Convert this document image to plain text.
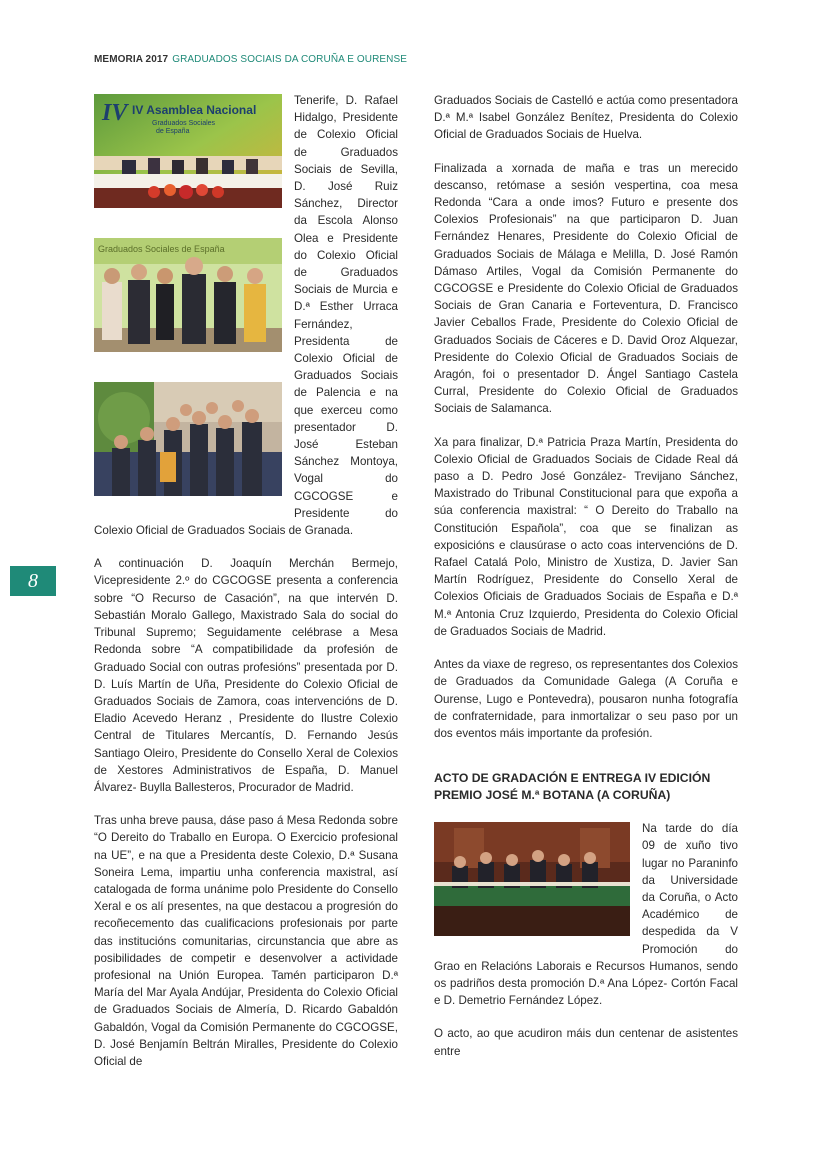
MEMORIA 2017 GRADUADOS SOCIAIS DA CORUÑA E OURENSE
8
IV IV Asamblea Nacional
Graduados Sociales
de España
Graduados Sociales de España

Tenerife, D. Rafael Hidalgo, Presidente de Colexio Oficial de Graduados Sociais de Sevilla, D. José Ruiz Sánchez, Director da Escola Alonso Olea e Presidente do Colexio Oficial de Graduados Sociais de Murcia e D.ª Esther Urraca Fernández, Presidenta de Colexio Oficial de Graduados Sociais de Palencia e na que exerceu como presentador D. José Esteban Sánchez Montoya, Vogal do CGCOGSE e Presidente do Colexio Oficial de Graduados Sociais de Granada.

A continuación D. Joaquín Merchán Bermejo, Vicepresidente 2.º do CGCOGSE presenta a conferencia sobre “O Recurso de Casación”, na que intervén D. Sebastián Moralo Gallego, Maxistrado Sala do social do Tribunal Supremo; Seguidamente celébrase a Mesa Redonda sobre “A compatibilidade da profesión de Graduado Social con outras profesións” presentada por D. D. Luís Martín de Uña, Presidente do Colexio Oficial de Graduados Sociais de Zamora, coas intervencións de D. Eladio Acevedo Heranz , Presidente do Ilustre Colexio Central de Titulares Mercantís, D. Fernando Jesús Santiago Oleiro, Presidente do Consello Xeral de Colexios de Xestores Administrativos de España, D. Manuel Álvarez- Buylla Ballesteros, Procurador de Madrid.

Tras unha breve pausa, dáse paso á Mesa Redonda sobre “O Dereito do Traballo en Europa. O Exercicio profesional na UE”, e na que a Presidenta deste Colexio, D.ª Susana Soneira Lema, impartiu unha conferencia maxistral, así catalogada de forma unánime polo Presidente do Consello Xeral e os alí presentes, na que destacou a progresión do recoñecemento das cualificacions profesionais por parte das institucións comunitarias, circunstancia que abre as posibilidades de competir e desenvolver a actividade profesional na Unión Europea. Tamén participaron D.ª María del Mar Ayala Andújar, Presidenta do Colexio Oficial de Graduados Sociais de Almería, D. Ricardo Gabaldón Gabaldón, Vogal da Comisión Permanente do CGCOGSE, D. José Benjamín Beltrán Miralles, Presidente do Colexio Oficial de

Graduados Sociais de Castelló e actúa como presentadora D.ª M.ª Isabel González Benítez, Presidenta do Colexio Oficial de Graduados Sociais de Huelva.

Finalizada a xornada de maña e tras un merecido descanso, retómase a sesión vespertina, coa mesa Redonda “Cara a onde imos? Futuro e presente dos Colexios Profesionais” na que participaron D. Juan Fernández Henares, Presidente do Colexio Oficial de Graduados Sociais de Málaga e Melilla, D. José Ramón Dámaso Artiles, Vogal da Comisión Permanente do CGCOGSE e Presidente do Colexio Oficial de Graduados Sociais de Gran Canaria e Forteventura, D. Francisco Javier Ceballos Frade, Presidente do Colexio Oficial de Graduados Sociais de Cáceres e D. David Oroz Alquezar, Presidente do Colexio Oficial de Graduados Sociais de Aragón, foi o presentador D. Ángel Santiago Castela Curral, Presidente do Colexio Oficial de Graduados Sociais de Salamanca.

Xa para finalizar, D.ª Patricia Praza Martín, Presidenta do Colexio Oficial de Graduados Sociais de Cidade Real dá paso a D. Pedro José González- Trevijano Sánchez, Maxistrado do Tribunal Constitucional para que expoña a súa conferencia maxistral: “ O Dereito do Traballo na Constitución Española”, coa que se finalizan as exposicións e clausúrase o acto coas intervencións de D. Rafael Catalá Polo, Ministro de Xustiza, D. Javier San Martín Rodríguez, Presidente do Consello Xeral de Colexios Oficiais de Graduados Sociais de España e D.ª M.ª Antonia Cruz Izquierdo, Presidenta do Colexio Oficial de Graduados Sociais de Madrid.

Antes da viaxe de regreso, os representantes dos Colexios de Graduados da Comunidade Galega (A Coruña e Ourense, Lugo e Pontevedra), pousaron nunha fotografía de confraternidade, para inmortalizar o seu paso por un dos eventos máis importante da profesión.

ACTO DE GRADACIÓN E ENTREGA IV EDICIÓN PREMIO JOSÉ M.ª BOTANA (A CORUÑA)

Na tarde do día 09 de xuño tivo lugar no Paraninfo da Universidade da Coruña, o Acto Académico de despedida da V Promoción do Grao en Relacións Laborais e Recursos Humanos, sendo os padriños desta promoción D.ª Ana López- Cortón Facal e D. Demetrio Fernández López.

O acto, ao que acudiron máis dun centenar de asistentes entre
